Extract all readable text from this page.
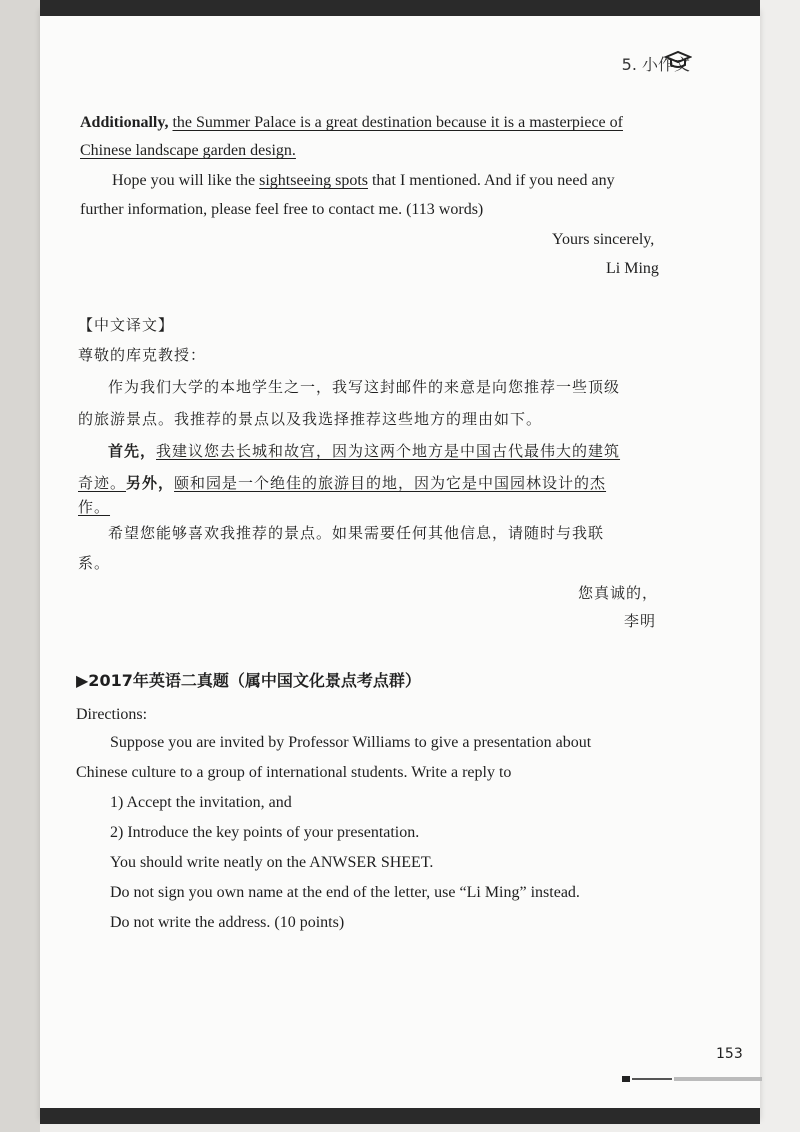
5. 小作文
Additionally, the Summer Palace is a great destination because it is a masterpiece of
Chinese landscape garden design.
Hope you will like the sightseeing spots that I mentioned. And if you need any
further information, please feel free to contact me. (113 words)
Yours sincerely,
Li Ming
【中文译文】
尊敬的库克教授：
作为我们大学的本地学生之一，我写这封邮件的来意是向您推荐一些顶级
的旅游景点。我推荐的景点以及我选择推荐这些地方的理由如下。
首先，我建议您去长城和故宫，因为这两个地方是中国古代最伟大的建筑
奇迹。另外，颐和园是一个绝佳的旅游目的地，因为它是中国园林设计的杰
作。
希望您能够喜欢我推荐的景点。如果需要任何其他信息，请随时与我联
系。
您真诚的，
李明
▶2017年英语二真题（属中国文化景点考点群）
Directions:
Suppose you are invited by Professor Williams to give a presentation about
Chinese culture to a group of international students. Write a reply to
1) Accept the invitation, and
2) Introduce the key points of your presentation.
You should write neatly on the ANWSER SHEET.
Do not sign you own name at the end of the letter, use “Li Ming” instead.
Do not write the address. (10 points)
153
